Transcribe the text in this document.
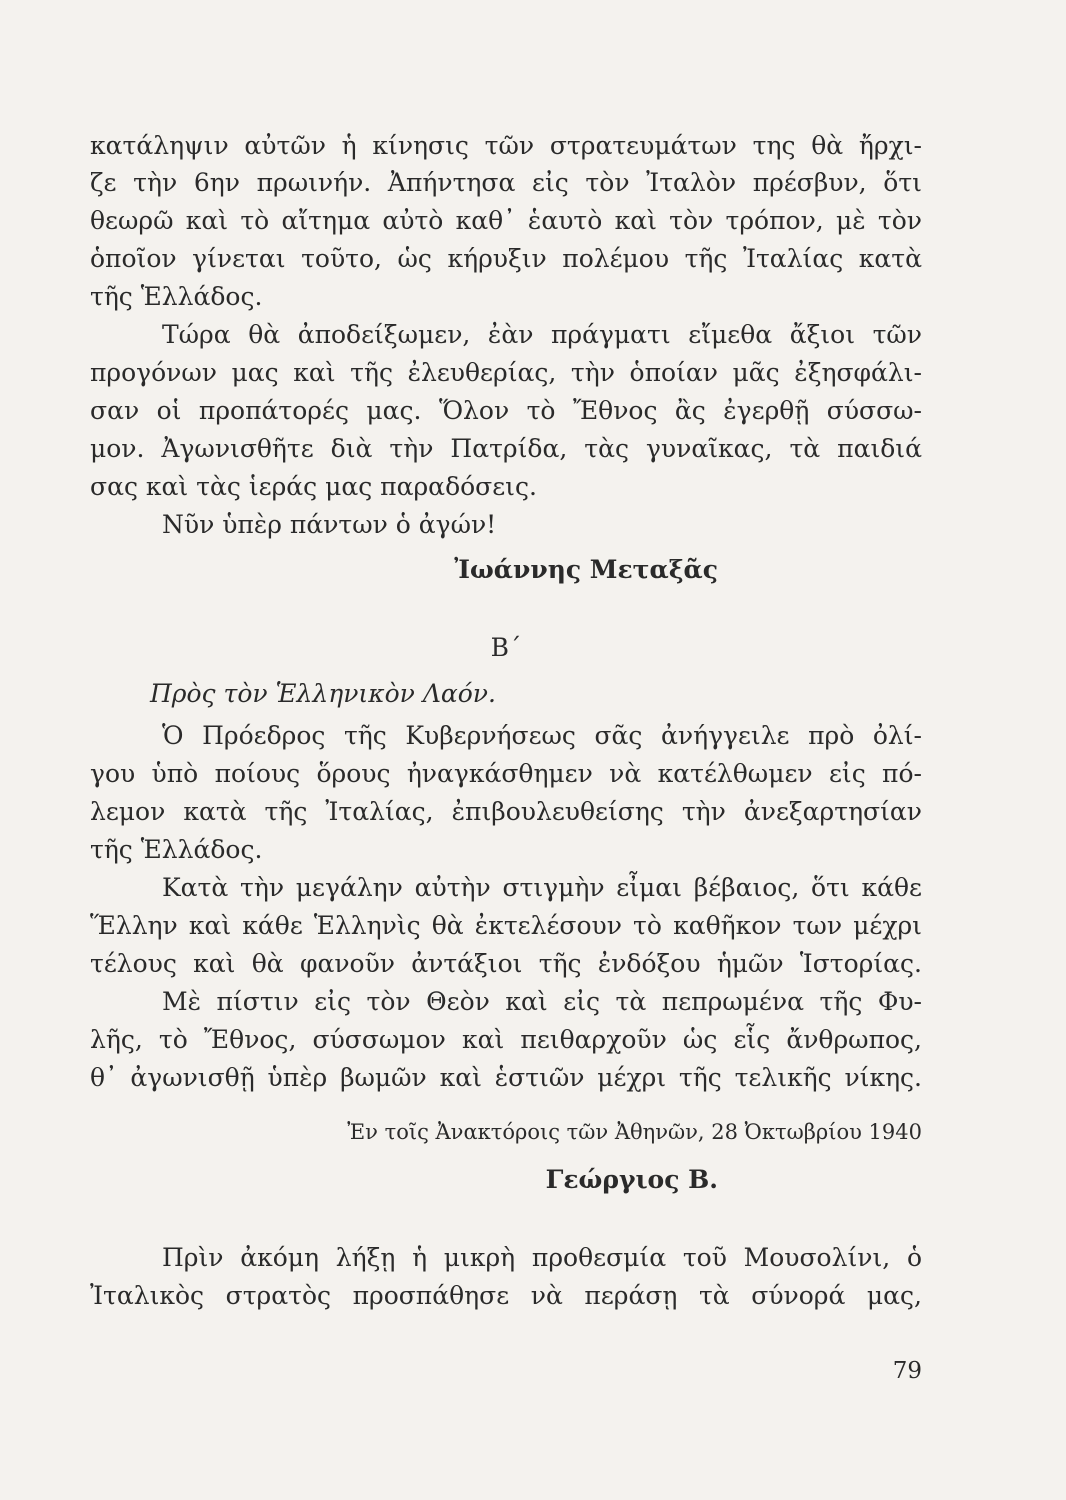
κατάληψιν αὐτῶν ἡ κίνησις τῶν στρατευμάτων της θὰ ἤρχι-
ζε τὴν 6ην πρωινήν. Ἀπήντησα εἰς τὸν Ἰταλὸν πρέσβυν, ὅτι
θεωρῶ καὶ τὸ αἴτημα αὐτὸ καθ᾽ ἑαυτὸ καὶ τὸν τρόπον, μὲ τὸν
ὁποῖον γίνεται τοῦτο, ὡς κήρυξιν πολέμου τῆς Ἰταλίας κατὰ
τῆς Ἑλλάδος.
Τώρα θὰ ἀποδείξωμεν, ἐὰν πράγματι εἴμεθα ἄξιοι τῶν
προγόνων μας καὶ τῆς ἐλευθερίας, τὴν ὁποίαν μᾶς ἐξησφάλι-
σαν οἱ προπάτορές μας. Ὅλον τὸ Ἔθνος ἂς ἐγερθῇ σύσσω-
μον. Ἀγωνισθῆτε διὰ τὴν Πατρίδα, τὰς γυναῖκας, τὰ παιδιά
σας καὶ τὰς ἱεράς μας παραδόσεις.
Νῦν ὑπὲρ πάντων ὁ ἀγών!
Ἰωάννης Μεταξᾶς
Β΄
Πρὸς τὸν Ἑλληνικὸν Λαόν.
Ὁ Πρόεδρος τῆς Κυβερνήσεως σᾶς ἀνήγγειλε πρὸ ὀλί-
γου ὑπὸ ποίους ὅρους ἠναγκάσθημεν νὰ κατέλθωμεν εἰς πό-
λεμον κατὰ τῆς Ἰταλίας, ἐπιβουλευθείσης τὴν ἀνεξαρτησίαν
τῆς Ἑλλάδος.
Κατὰ τὴν μεγάλην αὐτὴν στιγμὴν εἶμαι βέβαιος, ὅτι κάθε
Ἕλλην καὶ κάθε Ἑλληνὶς θὰ ἐκτελέσουν τὸ καθῆκον των μέχρι
τέλους καὶ θὰ φανοῦν ἀντάξιοι τῆς ἐνδόξου ἡμῶν Ἱστορίας.
Μὲ πίστιν εἰς τὸν Θεὸν καὶ εἰς τὰ πεπρωμένα τῆς Φυ-
λῆς, τὸ Ἔθνος, σύσσωμον καὶ πειθαρχοῦν ὡς εἷς ἄνθρωπος,
θ᾽ ἀγωνισθῇ ὑπὲρ βωμῶν καὶ ἑστιῶν μέχρι τῆς τελικῆς νίκης.
Ἐν τοῖς Ἀνακτόροις τῶν Ἀθηνῶν, 28 Ὀκτωβρίου 1940
Γεώργιος Β.
Πρὶν ἀκόμη λήξῃ ἡ μικρὴ προθεσμία τοῦ Μουσολίνι, ὁ
Ἰταλικὸς στρατὸς προσπάθησε νὰ περάσῃ τὰ σύνορά μας,
79
